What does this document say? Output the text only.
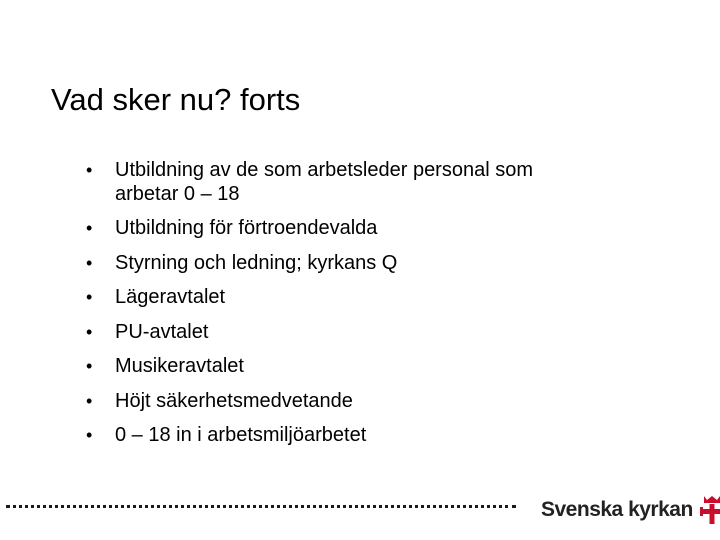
Vad sker nu? forts
• Utbildning av de som arbetsleder personal som
arbetar 0 – 18
• Utbildning för förtroendevalda
• Styrning och ledning; kyrkans Q
• Lägeravtalet
• PU-avtalet
• Musikeravtalet
• Höjt säkerhetsmedvetande
• 0 – 18 in i arbetsmiljöarbetet
Svenska kyrkan
